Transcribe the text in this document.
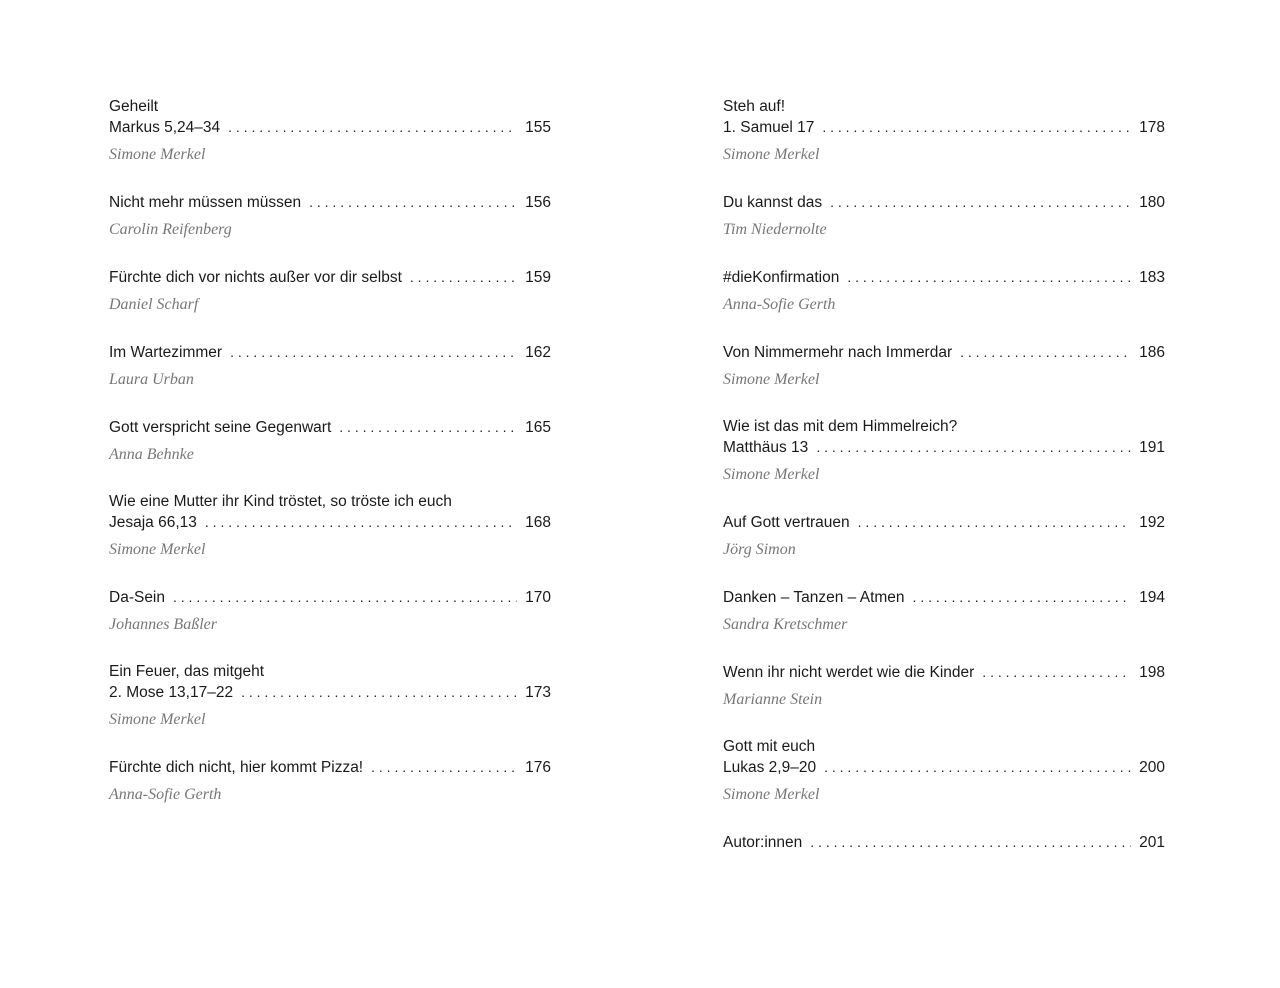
Geheilt
Markus 5,24–34 . . .	155
Simone Merkel
Nicht mehr müssen müssen . . .	156
Carolin Reifenberg
Fürchte dich vor nichts außer vor dir selbst . . .	159
Daniel Scharf
Im Wartezimmer . . .	162
Laura Urban
Gott verspricht seine Gegenwart . . .	165
Anna Behnke
Wie eine Mutter ihr Kind tröstet, so tröste ich euch
Jesaja 66,13 . . .	168
Simone Merkel
Da-Sein . . .	170
Johannes Baßler
Ein Feuer, das mitgeht
2. Mose 13,17–22 . . .	173
Simone Merkel
Fürchte dich nicht, hier kommt Pizza! . . .	176
Anna-Sofie Gerth
Steh auf!
1. Samuel 17 . . .	178
Simone Merkel
Du kannst das . . .	180
Tim Niedernolte
#dieKonfirmation . . .	183
Anna-Sofie Gerth
Von Nimmermehr nach Immerdar . . .	186
Simone Merkel
Wie ist das mit dem Himmelreich?
Matthäus 13 . . .	191
Simone Merkel
Auf Gott vertrauen . . .	192
Jörg Simon
Danken – Tanzen – Atmen . . .	194
Sandra Kretschmer
Wenn ihr nicht werdet wie die Kinder . . .	198
Marianne Stein
Gott mit euch
Lukas 2,9–20 . . .	200
Simone Merkel
Autor:innen . . .	201
